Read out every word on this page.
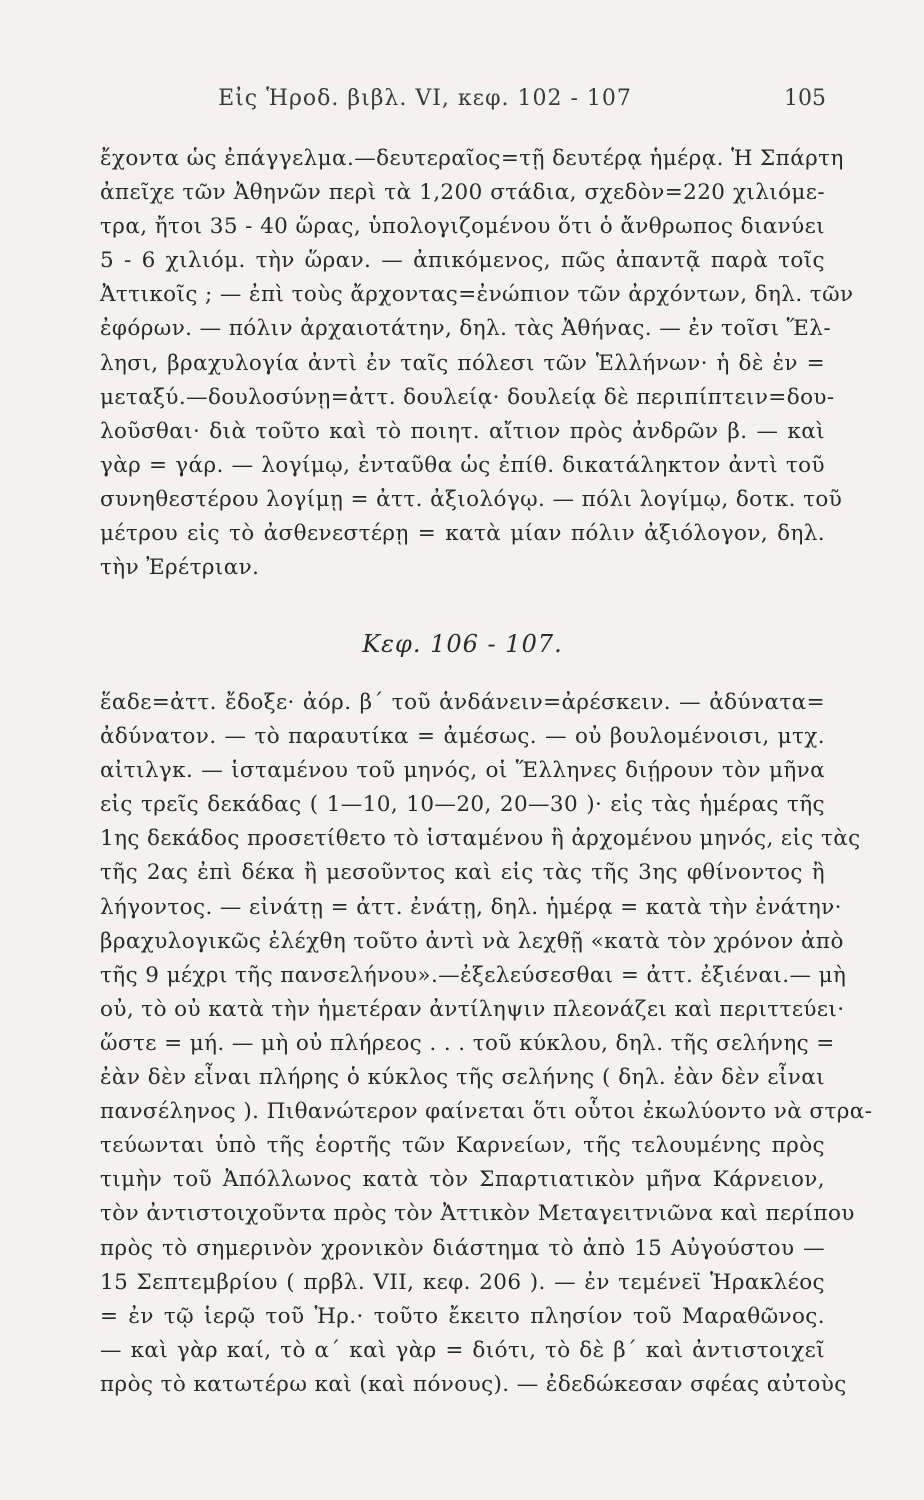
Εἰς Ἡροδ. βιβλ. VI, κεφ. 102 - 107	105
ἔχοντα ὡς ἐπάγγελμα.—δευτεραῖος=τῇ δευτέρᾳ ἡμέρᾳ. Ἡ Σπάρτη
ἀπεῖχε τῶν Ἀθηνῶν περὶ τὰ 1,200 στάδια, σχεδὸν=220 χιλιόμε-
τρα, ἤτοι 35 - 40 ὥρας, ὑπολογιζομένου ὅτι ὁ ἄνθρωπος διανύει
5 - 6 χιλιόμ. τὴν ὥραν. — ἀπικόμενος, πῶς ἀπαντᾷ παρὰ τοῖς
Ἀττικοῖς ; — ἐπὶ τοὺς ἄρχοντας=ἐνώπιον τῶν ἀρχόντων, δηλ. τῶν
ἐφόρων. — πόλιν ἀρχαιοτάτην, δηλ. τὰς Ἀθήνας. — ἐν τοῖσι Ἕλ-
λησι, βραχυλογία ἀντὶ ἐν ταῖς πόλεσι τῶν Ἑλλήνων· ἡ δὲ ἐν =
μεταξύ.—δουλοσύνῃ=ἀττ. δουλείᾳ· δουλείᾳ δὲ περιπίπτειν=δου-
λοῦσθαι· διὰ τοῦτο καὶ τὸ ποιητ. αἴτιον πρὸς ἀνδρῶν β. — καὶ
γὰρ = γάρ. — λογίμῳ, ἐνταῦθα ὡς ἐπίθ. δικατάληκτον ἀντὶ τοῦ
συνηθεστέρου λογίμῃ = ἀττ. ἀξιολόγῳ. — πόλι λογίμῳ, δοτκ. τοῦ
μέτρου εἰς τὸ ἀσθενεστέρῃ = κατὰ μίαν πόλιν ἀξιόλογον, δηλ.
τὴν Ἐρέτριαν.
Κεφ. 106 - 107.
ἕαδε=ἀττ. ἔδοξε· ἀόρ. β´ τοῦ ἁνδάνειν=ἀρέσκειν. — ἀδύνατα=
ἀδύνατον. — τὸ παραυτίκα = ἀμέσως. — οὐ βουλομένοισι, μτχ.
αἰτιλγκ. — ἱσταμένου τοῦ μηνός, οἱ Ἕλληνες διῄρουν τὸν μῆνα
εἰς τρεῖς δεκάδας ( 1—10, 10—20, 20—30 )· εἰς τὰς ἡμέρας τῆς
1ης δεκάδος προσετίθετο τὸ ἱσταμένου ἢ ἀρχομένου μηνός, εἰς τὰς
τῆς 2ας ἐπὶ δέκα ἢ μεσοῦντος καὶ εἰς τὰς τῆς 3ης φθίνοντος ἢ
λήγοντος. — εἰνάτῃ = ἀττ. ἐνάτῃ, δηλ. ἡμέρᾳ = κατὰ τὴν ἐνάτην·
βραχυλογικῶς ἐλέχθη τοῦτο ἀντὶ νὰ λεχθῇ «κατὰ τὸν χρόνον ἀπὸ
τῆς 9 μέχρι τῆς πανσελήνου».—ἐξελεύσεσθαι = ἀττ. ἐξιέναι.— μὴ
οὐ, τὸ οὐ κατὰ τὴν ἡμετέραν ἀντίληψιν πλεονάζει καὶ περιττεύει·
ὥστε = μή. — μὴ οὐ πλήρεος . . . τοῦ κύκλου, δηλ. τῆς σελήνης =
ἐὰν δὲν εἶναι πλήρης ὁ κύκλος τῆς σελήνης ( δηλ. ἐὰν δὲν εἶναι
πανσέληνος ). Πιθανώτερον φαίνεται ὅτι οὗτοι ἐκωλύοντο νὰ στρα-
τεύωνται ὑπὸ τῆς ἑορτῆς τῶν Καρνείων, τῆς τελουμένης πρὸς
τιμὴν τοῦ Ἀπόλλωνος κατὰ τὸν Σπαρτιατικὸν μῆνα Κάρνειον,
τὸν ἀντιστοιχοῦντα πρὸς τὸν Ἀττικὸν Μεταγειτνιῶνα καὶ περίπου
πρὸς τὸ σημερινὸν χρονικὸν διάστημα τὸ ἀπὸ 15 Αὐγούστου —
15 Σεπτεμβρίου ( πρβλ. VII, κεφ. 206 ). — ἐν τεμένεϊ Ἡρακλέος
= ἐν τῷ ἱερῷ τοῦ Ἡρ.· τοῦτο ἔκειτο πλησίον τοῦ Μαραθῶνος.
— καὶ γὰρ καί, τὸ α´ καὶ γὰρ = διότι, τὸ δὲ β´ καὶ ἀντιστοιχεῖ
πρὸς τὸ κατωτέρω καὶ (καὶ πόνους). — ἐδεδώκεσαν σφέας αὐτοὺς
